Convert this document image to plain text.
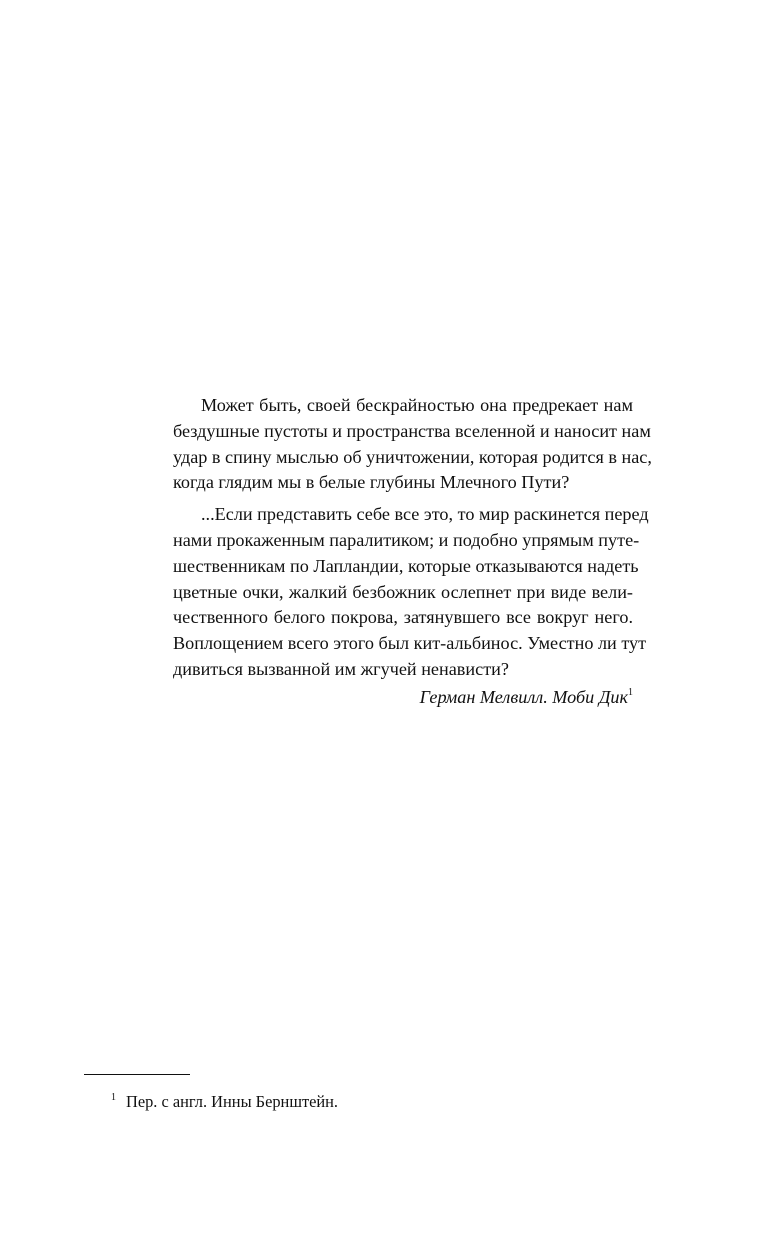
Может быть, своей бескрайностью она предрекает нам
бездушные пустоты и пространства вселенной и наносит нам
удар в спину мыслью об уничтожении, которая родится в нас,
когда глядим мы в белые глубины Млечного Пути?
...Если представить себе все это, то мир раскинется перед
нами прокаженным паралитиком; и подобно упрямым путе-
шественникам по Лапландии, которые отказываются надеть
цветные очки, жалкий безбожник ослепнет при виде вели-
чественного белого покрова, затянувшего все вокруг него.
Воплощением всего этого был кит-альбинос. Уместно ли тут
дивиться вызванной им жгучей ненависти?
Герман Мелвилл. Моби Дик$^1$
$^1$ Пер. с англ. Инны Бернштейн.
